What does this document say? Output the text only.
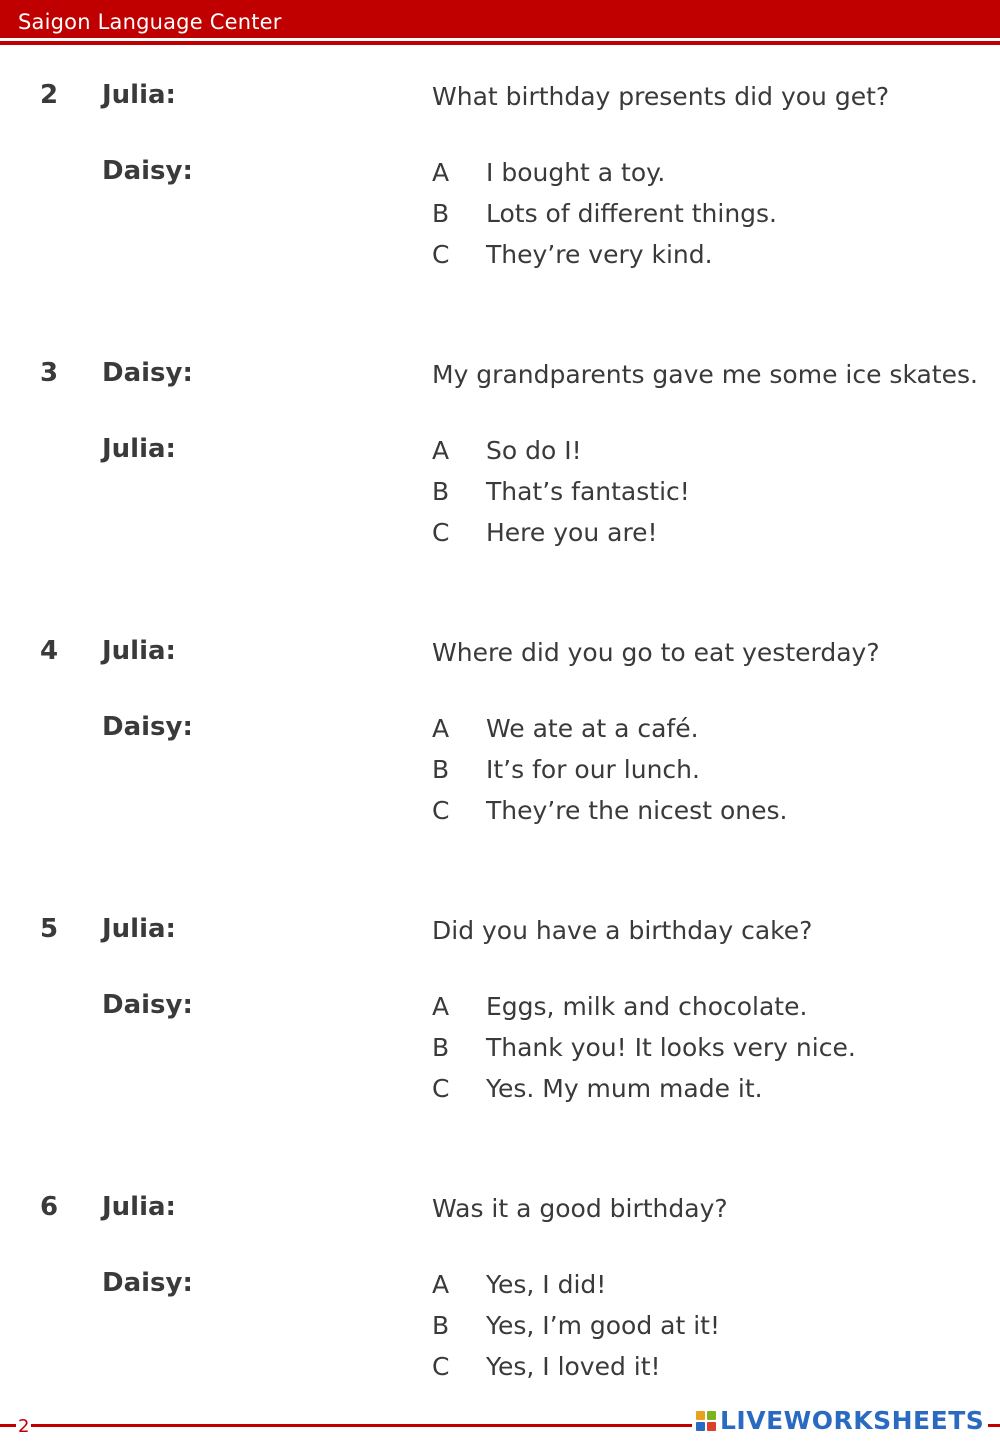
Saigon Language Center
2 Julia:	What birthday presents did you get?
Daisy:	A	I bought a toy.
B	Lots of different things.
C	They’re very kind.
3 Daisy:	My grandparents gave me some ice skates.
Julia:	A	So do I!
B	That’s fantastic!
C	Here you are!
4 Julia:	Where did you go to eat yesterday?
Daisy:	A	We ate at a café.
B	It’s for our lunch.
C	They’re the nicest ones.
5 Julia:	Did you have a birthday cake?
Daisy:	A	Eggs, milk and chocolate.
B	Thank you! It looks very nice.
C	Yes. My mum made it.
6 Julia:	Was it a good birthday?
Daisy:	A	Yes, I did!
B	Yes, I’m good at it!
C	Yes, I loved it!
2	LIVEWORKSHEETS
